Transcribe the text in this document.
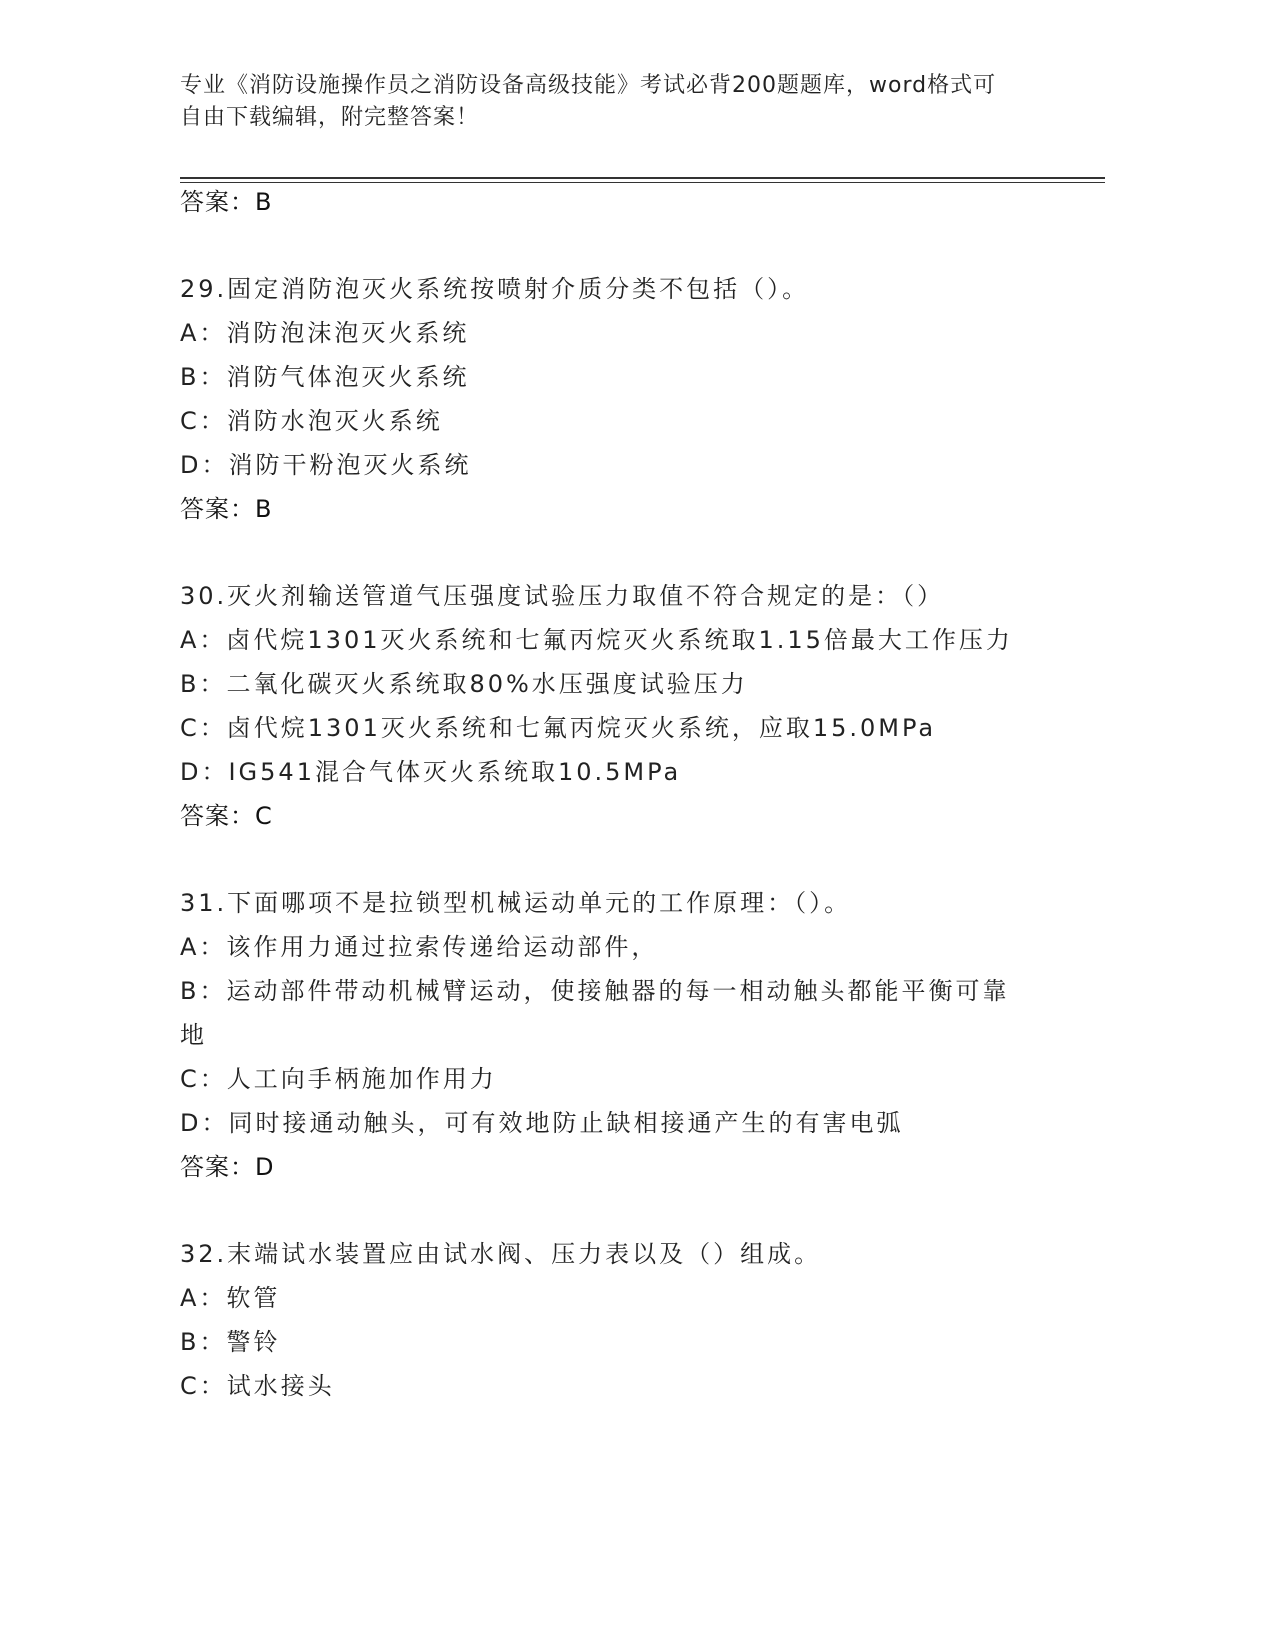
专业《消防设施操作员之消防设备高级技能》考试必背200题题库，word格式可
自由下载编辑，附完整答案！
答案：B
29.固定消防泡灭火系统按喷射介质分类不包括（）。
A：消防泡沫泡灭火系统
B：消防气体泡灭火系统
C：消防水泡灭火系统
D：消防干粉泡灭火系统
答案：B
30.灭火剂输送管道气压强度试验压力取值不符合规定的是：（）
A：卤代烷1301灭火系统和七氟丙烷灭火系统取1.15倍最大工作压力
B：二氧化碳灭火系统取80%水压强度试验压力
C：卤代烷1301灭火系统和七氟丙烷灭火系统，应取15.0MPa
D：IG541混合气体灭火系统取10.5MPa
答案：C
31.下面哪项不是拉锁型机械运动单元的工作原理：（）。
A：该作用力通过拉索传递给运动部件，
B：运动部件带动机械臂运动，使接触器的每一相动触头都能平衡可靠
地
C：人工向手柄施加作用力
D：同时接通动触头，可有效地防止缺相接通产生的有害电弧
答案：D
32.末端试水装置应由试水阀、压力表以及（）组成。
A：软管
B：警铃
C：试水接头
